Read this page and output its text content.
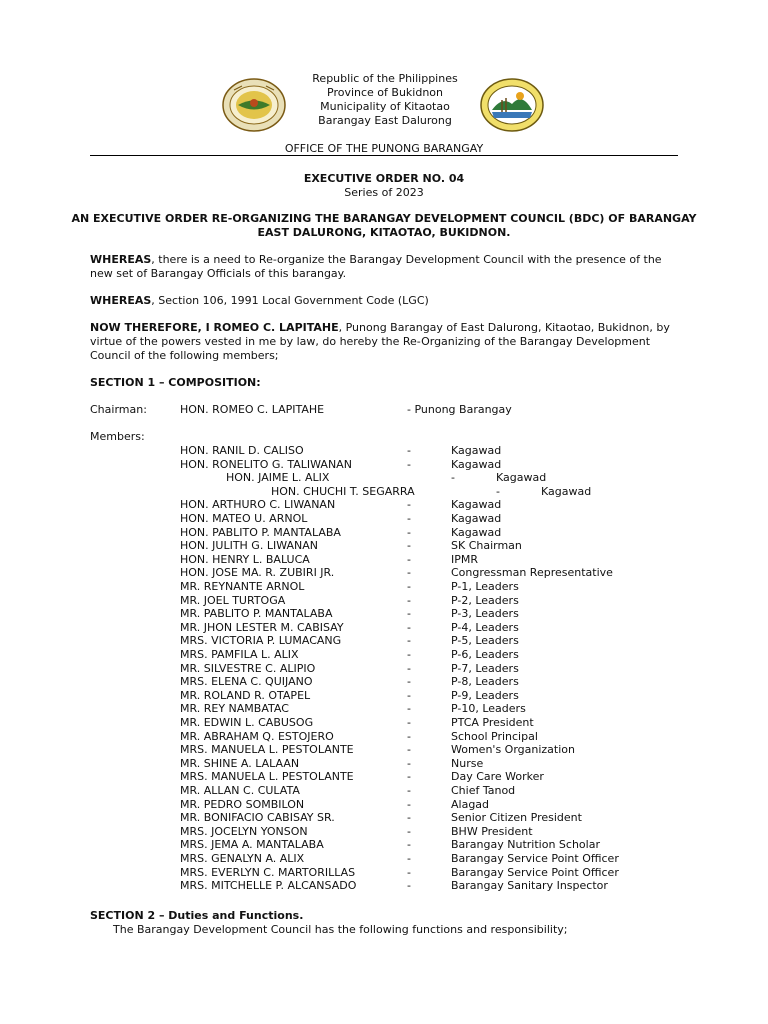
Republic of the Philippines
Province of Bukidnon
Municipality of Kitaotao
Barangay East Dalurong
OFFICE OF THE PUNONG BARANGAY
EXECUTIVE ORDER NO. 04
Series of 2023
AN EXECUTIVE ORDER RE-ORGANIZING THE BARANGAY DEVELOPMENT COUNCIL (BDC) OF BARANGAY
EAST DALURONG, KITAOTAO, BUKIDNON.
WHEREAS, there is a need to Re-organize the Barangay Development Council with the presence of the new set of Barangay Officials of this barangay.
WHEREAS, Section 106, 1991 Local Government Code (LGC)
NOW THEREFORE, I ROMEO C. LAPITAHE, Punong Barangay of East Dalurong, Kitaotao, Bukidnon, by virtue of the powers vested in me by law, do hereby the Re-Organizing of the Barangay Development Council of the following members;
SECTION 1 – COMPOSITION:
Chairman:	HON. ROMEO C. LAPITAHE	- Punong Barangay
Members:
HON. RANIL D. CALISO	-	Kagawad
HON. RONELITO G. TALIWANAN	-	Kagawad
HON. JAIME L. ALIX	-	Kagawad
HON. CHUCHI T. SEGARRA	-	Kagawad
HON. ARTHURO C. LIWANAN	-	Kagawad
HON. MATEO U. ARNOL	-	Kagawad
HON. PABLITO P. MANTALABA	-	Kagawad
HON. JULITH G. LIWANAN	-	SK Chairman
HON. HENRY L. BALUCA	-	IPMR
HON. JOSE MA. R. ZUBIRI JR.	-	Congressman Representative
MR. REYNANTE ARNOL	-	P-1, Leaders
MR. JOEL TURTOGA	-	P-2, Leaders
MR. PABLITO P. MANTALABA	-	P-3, Leaders
MR. JHON LESTER M. CABISAY	-	P-4, Leaders
MRS. VICTORIA P. LUMACANG	-	P-5, Leaders
MRS. PAMFILA L. ALIX	-	P-6, Leaders
MR. SILVESTRE C. ALIPIO	-	P-7, Leaders
MRS. ELENA C. QUIJANO	-	P-8, Leaders
MR. ROLAND R. OTAPEL	-	P-9, Leaders
MR. REY NAMBATAC	-	P-10, Leaders
MR. EDWIN L. CABUSOG	-	PTCA President
MR. ABRAHAM Q. ESTOJERO	-	School Principal
MRS. MANUELA L. PESTOLANTE	-	Women's Organization
MR. SHINE A. LALAAN	-	Nurse
MRS. MANUELA L. PESTOLANTE	-	Day Care Worker
MR. ALLAN C. CULATA	-	Chief Tanod
MR. PEDRO SOMBILON	-	Alagad
MR. BONIFACIO CABISAY SR.	-	Senior Citizen President
MRS. JOCELYN YONSON	-	BHW President
MRS. JEMA A. MANTALABA	-	Barangay Nutrition Scholar
MRS. GENALYN A. ALIX	-	Barangay Service Point Officer
MRS. EVERLYN C. MARTORILLAS	-	Barangay Service Point Officer
MRS. MITCHELLE P. ALCANSADO	-	Barangay Sanitary Inspector
SECTION 2 – Duties and Functions.
The Barangay Development Council has the following functions and responsibility;
